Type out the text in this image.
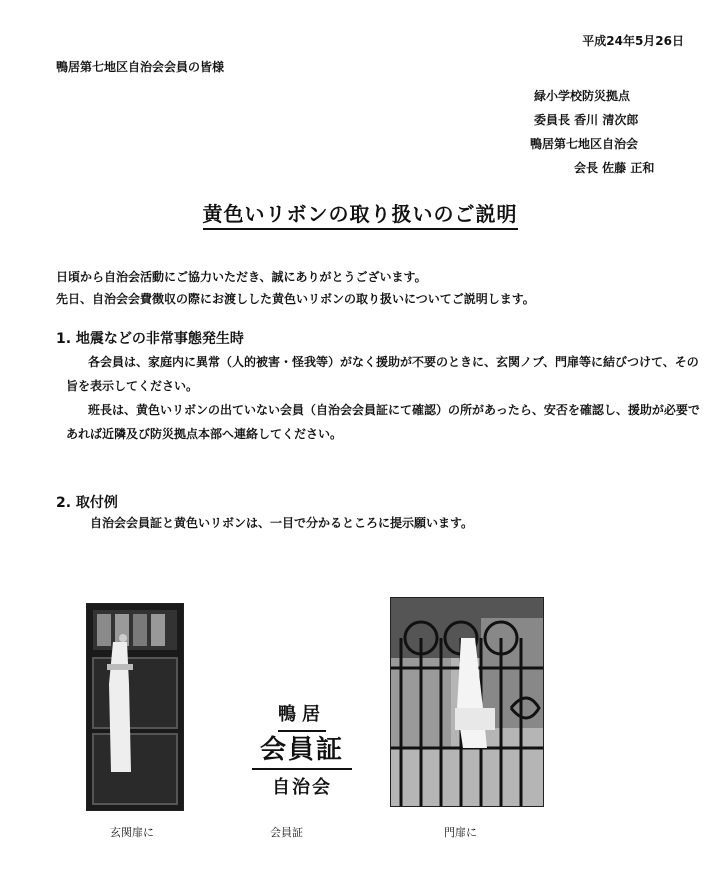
平成24年5月26日
鴨居第七地区自治会会員の皆様
緑小学校防災拠点
委員長 香川 清次郎
鴨居第七地区自治会
会長 佐藤 正和
黄色いリボンの取り扱いのご説明
日頃から自治会活動にご協力いただき、誠にありがとうございます。
先日、自治会会費徴収の際にお渡しした黄色いリボンの取り扱いについてご説明します。
1. 地震などの非常事態発生時
　各会員は、家庭内に異常（人的被害・怪我等）がなく援助が不要のときに、玄関ノブ、門扉等に結びつけて、その旨を表示してください。
　班長は、黄色いリボンの出ていない会員（自治会会員証にて確認）の所があったら、安否を確認し、援助が必要であれば近隣及び防災拠点本部へ連絡してください。
2. 取付例
自治会会員証と黄色いリボンは、一目で分かるところに提示願います。
鴨居
会員証
自治会
玄関扉に	会員証	門扉に
